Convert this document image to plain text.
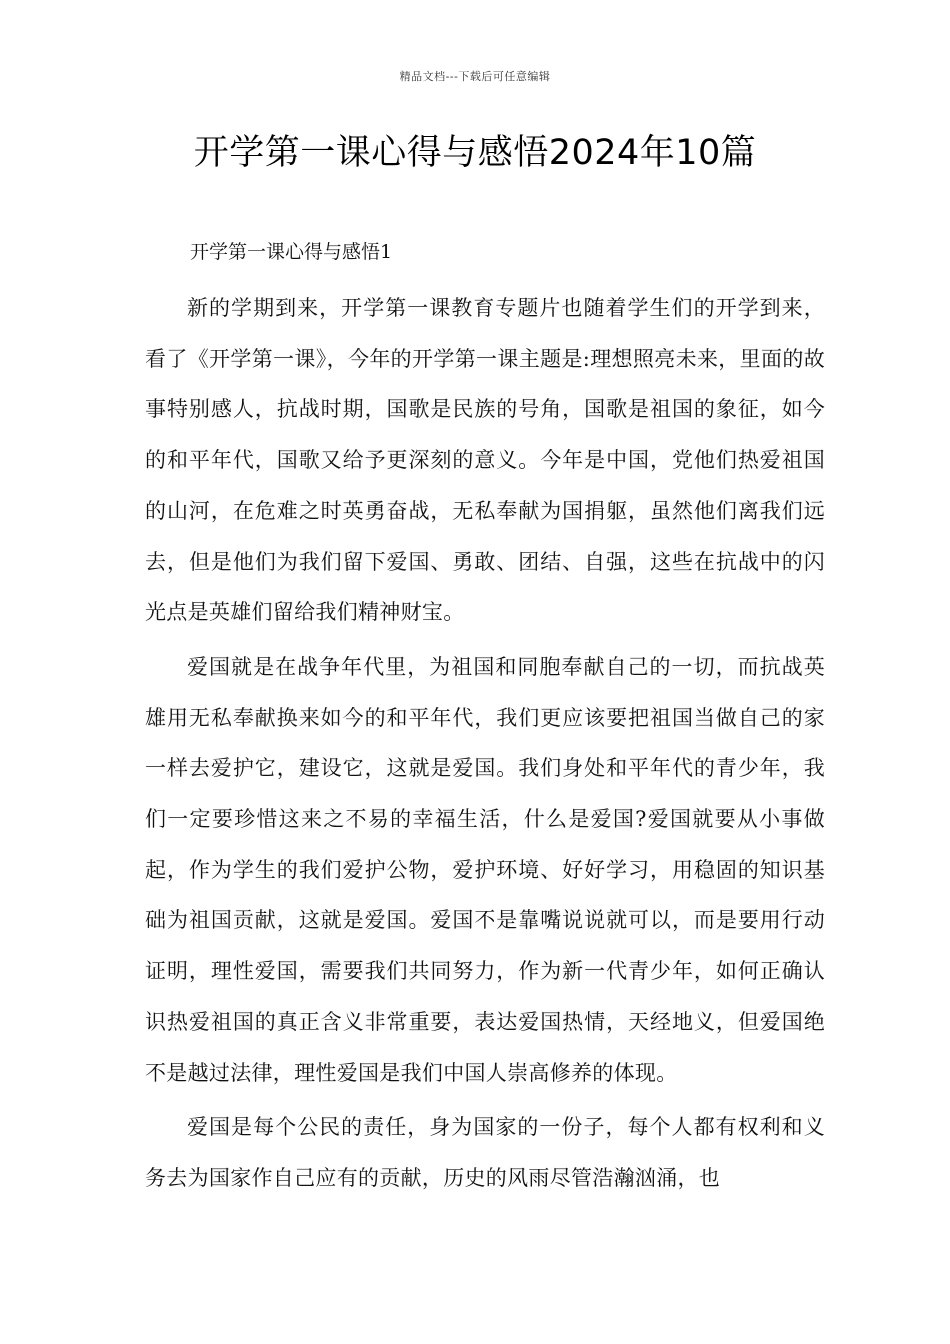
精品文档---下载后可任意编辑
开学第一课心得与感悟2024年10篇
开学第一课心得与感悟1

新的学期到来，开学第一课教育专题片也随着学生们的开学到来，看了《开学第一课》，今年的开学第一课主题是:理想照亮未来，里面的故事特别感人，抗战时期，国歌是民族的号角，国歌是祖国的象征，如今的和平年代，国歌又给予更深刻的意义。今年是中国，党他们热爱祖国的山河，在危难之时英勇奋战，无私奉献为国捐躯，虽然他们离我们远去，但是他们为我们留下爱国、勇敢、团结、自强，这些在抗战中的闪光点是英雄们留给我们精神财宝。

爱国就是在战争年代里，为祖国和同胞奉献自己的一切，而抗战英雄用无私奉献换来如今的和平年代，我们更应该要把祖国当做自己的家一样去爱护它，建设它，这就是爱国。我们身处和平年代的青少年，我们一定要珍惜这来之不易的幸福生活，什么是爱国?爱国就要从小事做起，作为学生的我们爱护公物，爱护环境、好好学习，用稳固的知识基础为祖国贡献，这就是爱国。爱国不是靠嘴说说就可以，而是要用行动证明，理性爱国，需要我们共同努力，作为新一代青少年，如何正确认识热爱祖国的真正含义非常重要，表达爱国热情，天经地义，但爱国绝不是越过法律，理性爱国是我们中国人崇高修养的体现。

爱国是每个公民的责任，身为国家的一份子，每个人都有权利和义务去为国家作自己应有的贡献，历史的风雨尽管浩瀚汹涌，也
